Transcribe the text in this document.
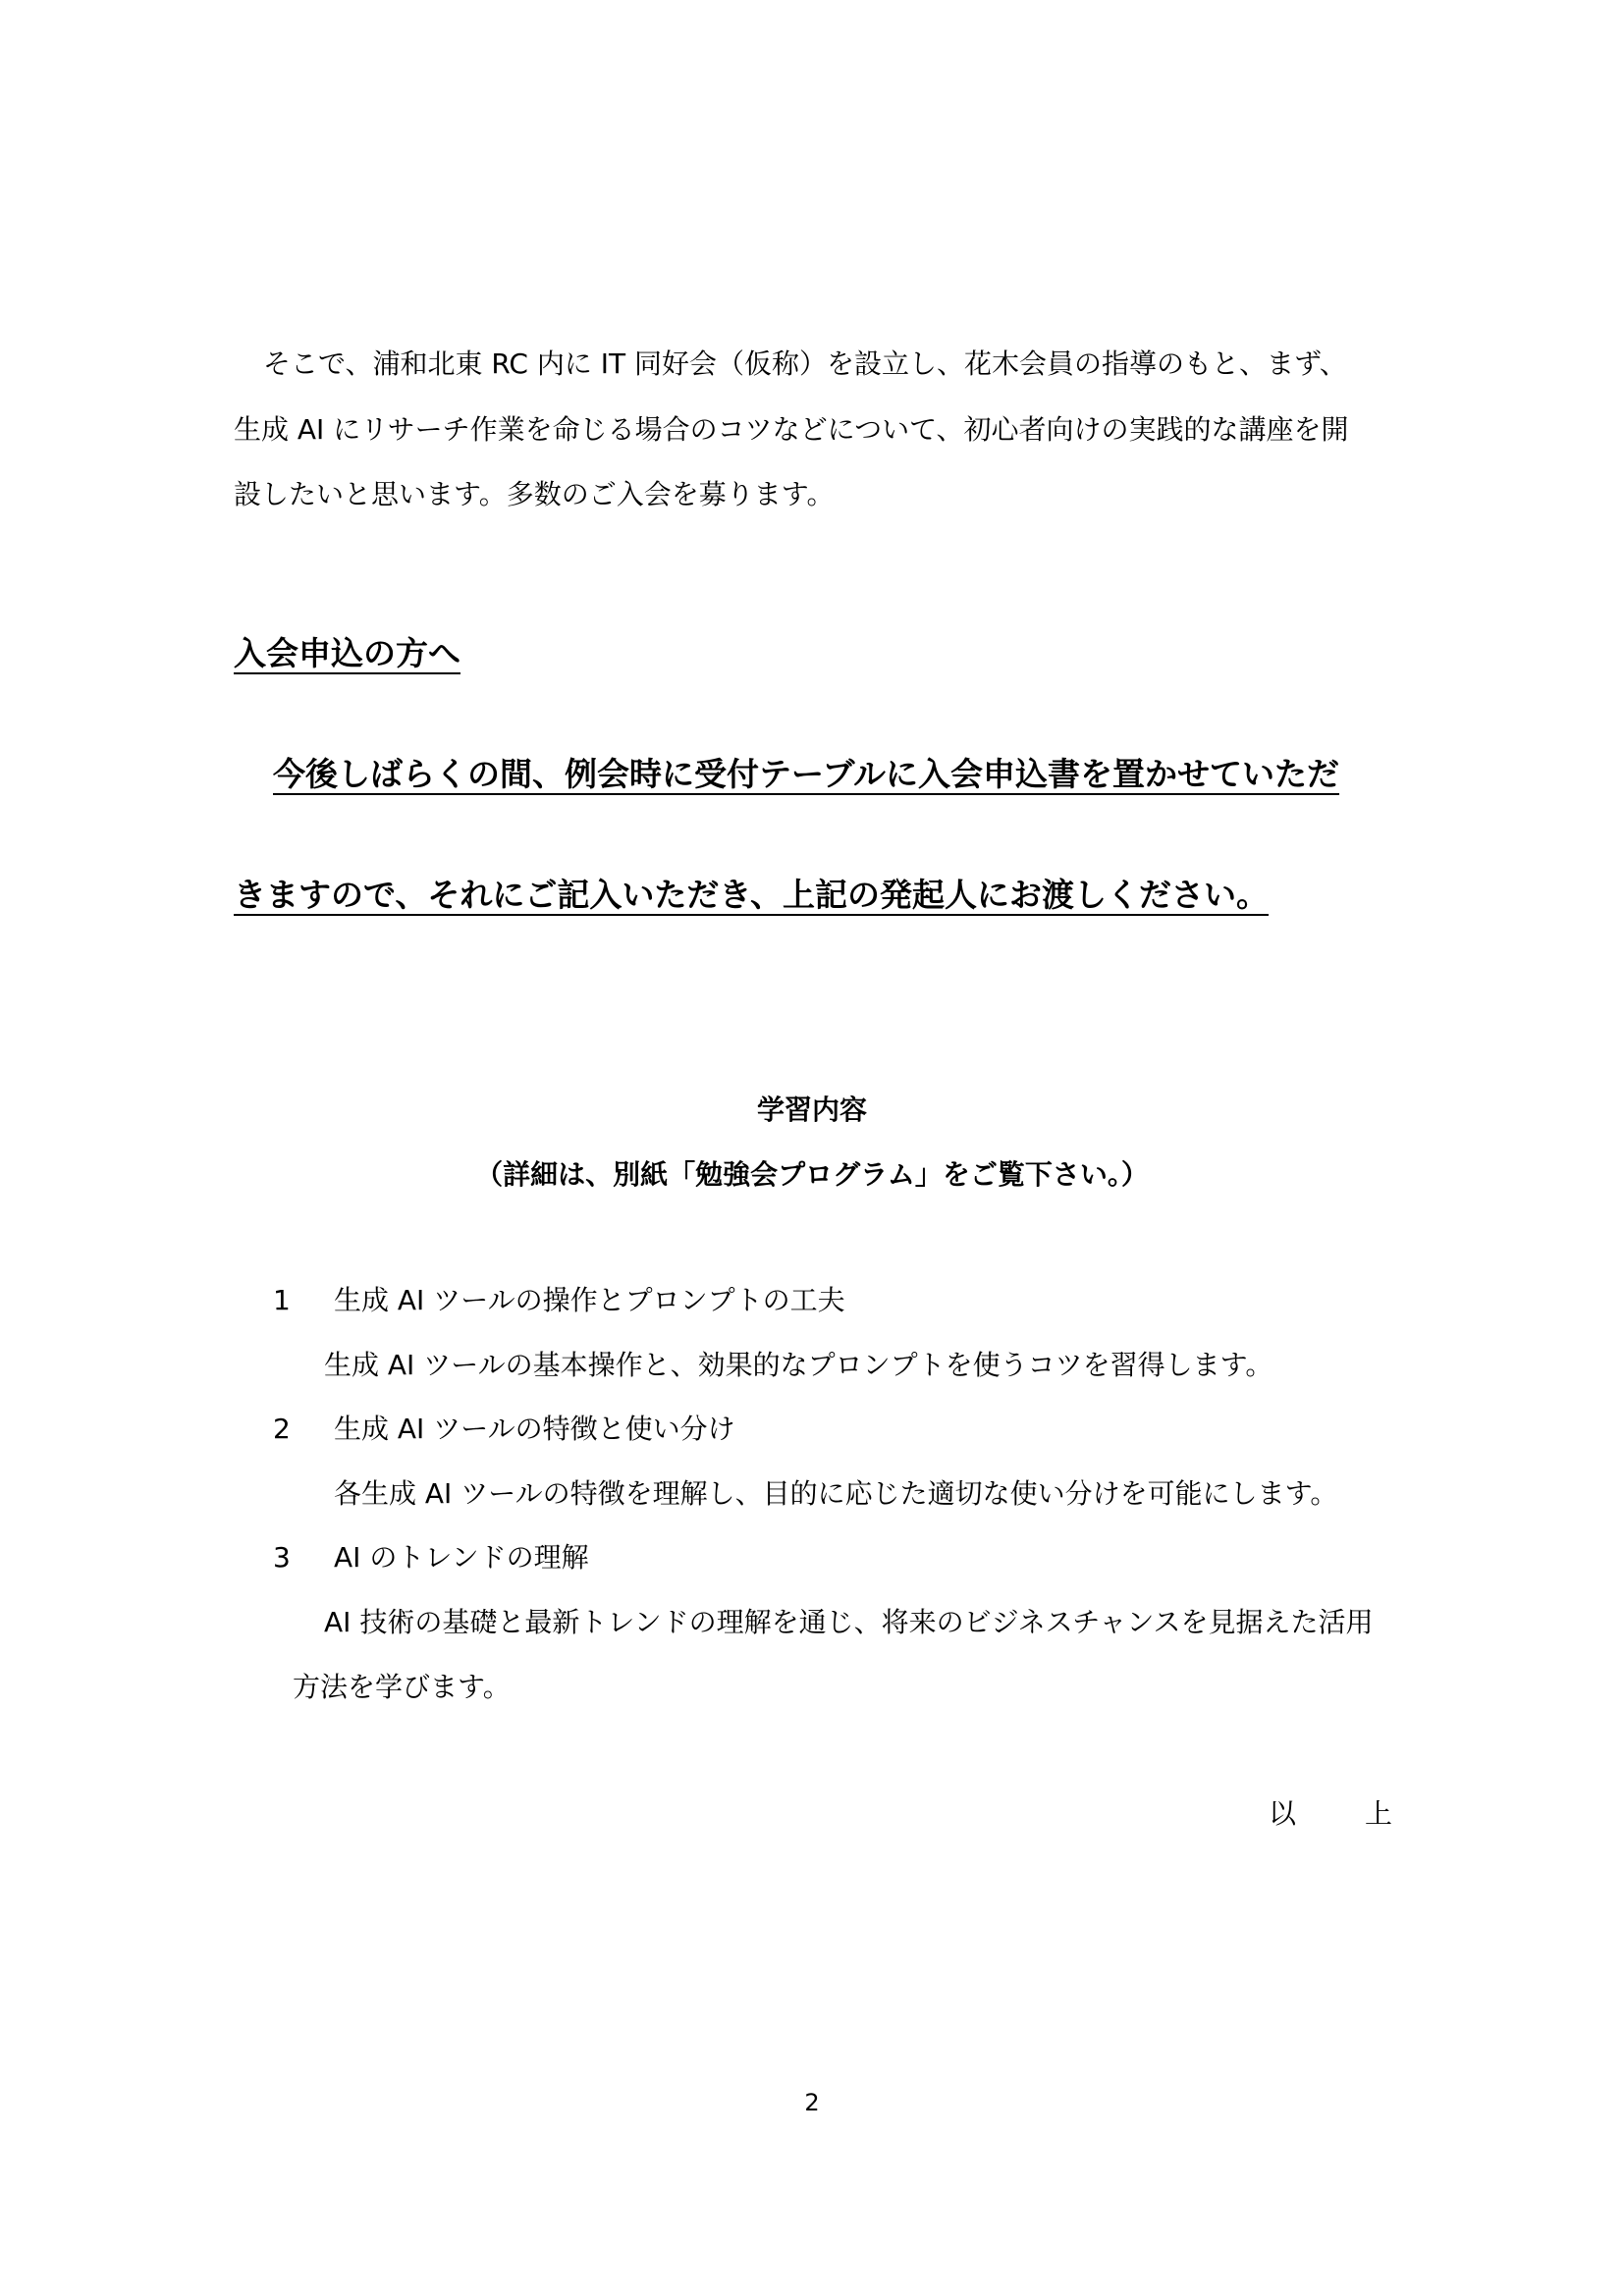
そこで、浦和北東 RC 内に IT 同好会（仮称）を設立し、花木会員の指導のもと、まず、
生成 AI にリサーチ作業を命じる場合のコツなどについて、初心者向けの実践的な講座を開
設したいと思います。多数のご入会を募ります。
入会申込の方へ
今後しばらくの間、例会時に受付テーブルに入会申込書を置かせていただ
きますので、それにご記入いただき、上記の発起人にお渡しください。
学習内容
（詳細は、別紙「勉強会プログラム」をご覧下さい。）
1 生成 AI ツールの操作とプロンプトの工夫
生成 AI ツールの基本操作と、効果的なプロンプトを使うコツを習得します。
2 生成 AI ツールの特徴と使い分け
各生成 AI ツールの特徴を理解し、目的に応じた適切な使い分けを可能にします。
3 AI のトレンドの理解
AI 技術の基礎と最新トレンドの理解を通じ、将来のビジネスチャンスを見据えた活用
方法を学びます。
以	上
2
